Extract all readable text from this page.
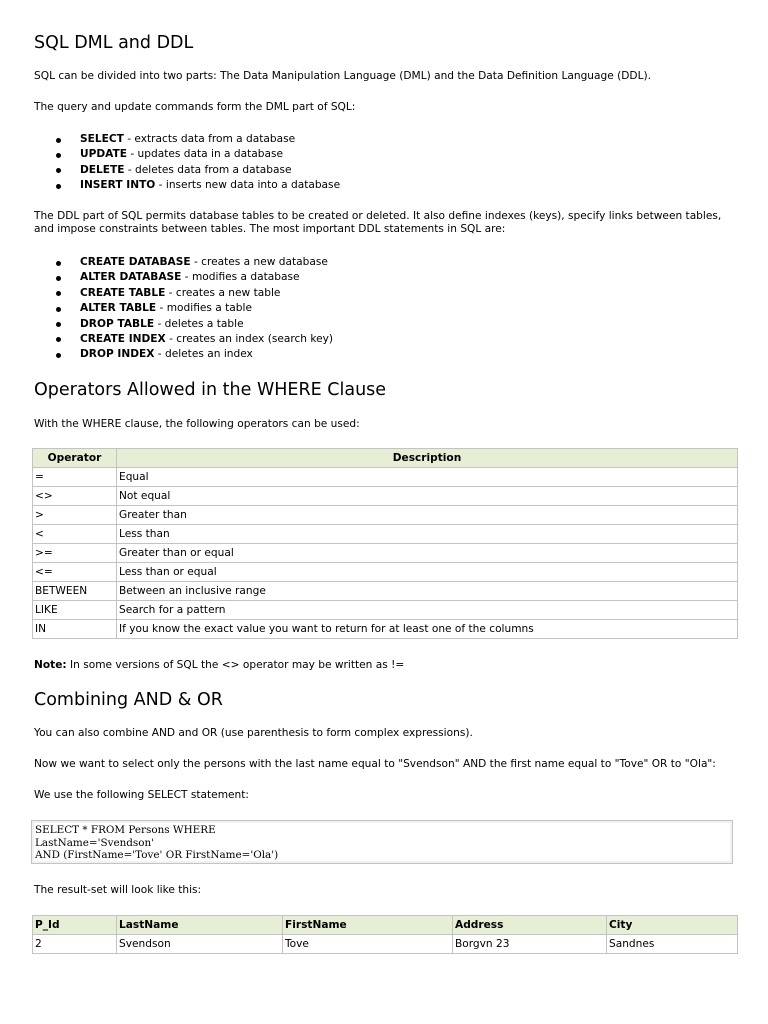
SQL DML and DDL

SQL can be divided into two parts: The Data Manipulation Language (DML) and the Data Definition Language (DDL).

The query and update commands form the DML part of SQL:

SELECT - extracts data from a database
UPDATE - updates data in a database
DELETE - deletes data from a database
INSERT INTO - inserts new data into a database

The DDL part of SQL permits database tables to be created or deleted. It also define indexes (keys), specify links between tables, and impose constraints between tables. The most important DDL statements in SQL are:

CREATE DATABASE - creates a new database
ALTER DATABASE - modifies a database
CREATE TABLE - creates a new table
ALTER TABLE - modifies a table
DROP TABLE - deletes a table
CREATE INDEX - creates an index (search key)
DROP INDEX - deletes an index
Operators Allowed in the WHERE Clause

With the WHERE clause, the following operators can be used:

Operator	Description
=	Equal
<>	Not equal
>	Greater than
<	Less than
>=	Greater than or equal
<=	Less than or equal
BETWEEN	Between an inclusive range
LIKE	Search for a pattern
IN	If you know the exact value you want to return for at least one of the columns

Note: In some versions of SQL the <> operator may be written as !=

Combining AND & OR

You can also combine AND and OR (use parenthesis to form complex expressions).

Now we want to select only the persons with the last name equal to "Svendson" AND the first name equal to "Tove" OR to "Ola":

We use the following SELECT statement:

SELECT * FROM Persons WHERE
LastName='Svendson'
AND (FirstName='Tove' OR FirstName='Ola')

The result-set will look like this:

P_Id	LastName	FirstName	Address	City
2	Svendson	Tove	Borgvn 23	Sandnes
